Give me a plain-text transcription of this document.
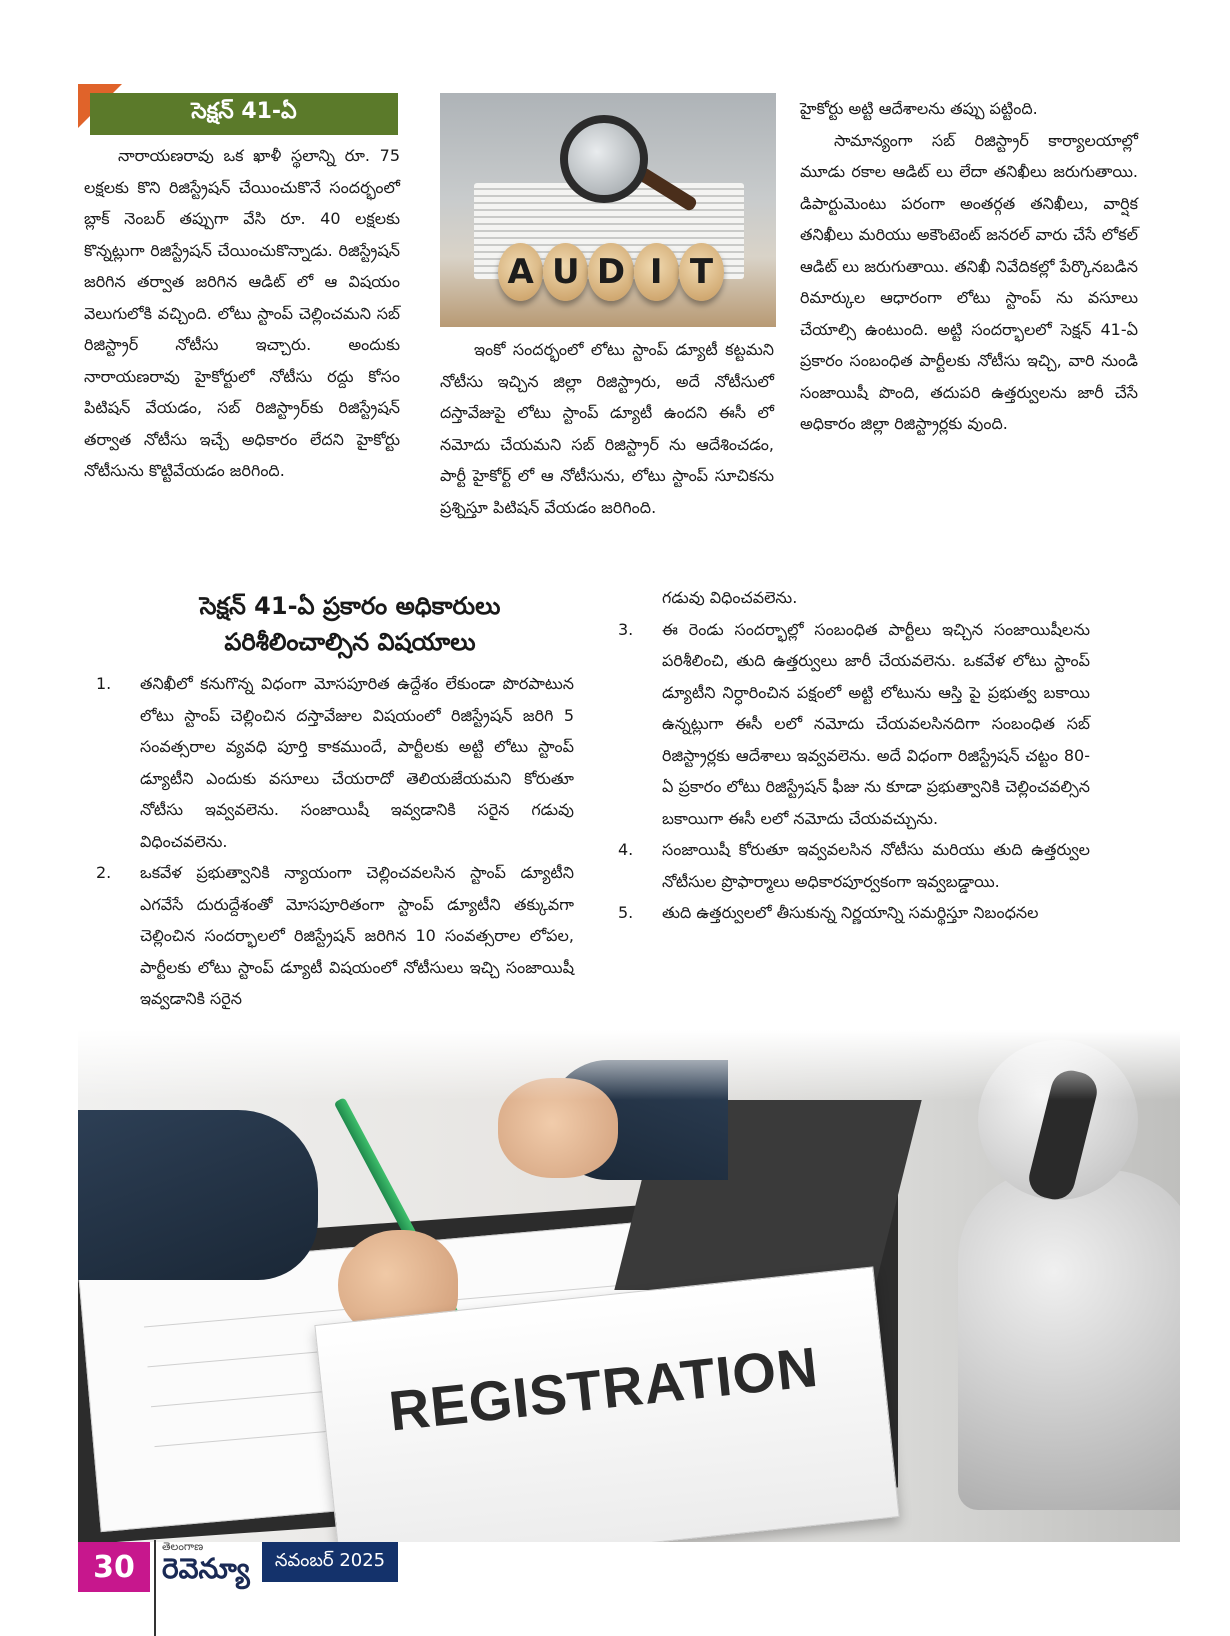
సెక్షన్ 41-ఏ

నారాయణరావు ఒక ఖాళీ స్థలాన్ని రూ. 75 లక్షలకు కొని రిజిస్ట్రేషన్ చేయించుకొనే సందర్భంలో బ్లాక్ నెంబర్ తప్పుగా వేసి రూ. 40 లక్షలకు కొన్నట్లుగా రిజిస్ట్రేషన్ చేయించుకొన్నాడు. రిజిస్ట్రేషన్ జరిగిన తర్వాత జరిగిన ఆడిట్ లో ఆ విషయం వెలుగులోకి వచ్చింది. లోటు స్టాంప్ చెల్లించమని సబ్ రిజిస్ట్రార్ నోటీసు ఇచ్చారు. అందుకు నారాయణరావు హైకోర్టులో నోటీసు రద్దు కోసం పిటిషన్ వేయడం, సబ్ రిజిస్ట్రార్‌కు రిజిస్ట్రేషన్ తర్వాత నోటీసు ఇచ్చే అధికారం లేదని హైకోర్టు నోటీసును కొట్టివేయడం జరిగింది.

A U D I T

ఇంకో సందర్భంలో లోటు స్టాంప్ డ్యూటీ కట్టమని నోటీసు ఇచ్చిన జిల్లా రిజిస్ట్రారు, అదే నోటీసులో దస్తావేజుపై లోటు స్టాంప్ డ్యూటీ ఉందని ఈసీ లో నమోదు చేయమని సబ్ రిజిస్ట్రార్ ను ఆదేశించడం, పార్టీ హైకోర్ట్ లో ఆ నోటీసును, లోటు స్టాంప్ సూచికను ప్రశ్నిస్తూ పిటిషన్ వేయడం జరిగింది.

హైకోర్టు అట్టి ఆదేశాలను తప్పు పట్టింది.

సామాన్యంగా సబ్ రిజిస్ట్రార్ కార్యాలయాల్లో మూడు రకాల ఆడిట్ లు లేదా తనిఖీలు జరుగుతాయి. డిపార్టుమెంటు పరంగా అంతర్గత తనిఖీలు, వార్షిక తనిఖీలు మరియు అకౌంటెంట్ జనరల్ వారు చేసే లోకల్ ఆడిట్ లు జరుగుతాయి. తనిఖీ నివేదికల్లో పేర్కొనబడిన రిమార్కుల ఆధారంగా లోటు స్టాంప్ ను వసూలు చేయాల్సి ఉంటుంది. అట్టి సందర్భాలలో సెక్షన్ 41-ఏ ప్రకారం సంబంధిత పార్టీలకు నోటీసు ఇచ్చి, వారి నుండి సంజాయిషీ పొంది, తదుపరి ఉత్తర్వులను జారీ చేసే అధికారం జిల్లా రిజిస్ట్రార్లకు వుంది.

సెక్షన్ 41-ఏ ప్రకారం అధికారులు
పరిశీలించాల్సిన విషయాలు
1. తనిఖీలో కనుగొన్న విధంగా మోసపూరిత ఉద్దేశం లేకుండా పొరపాటున లోటు స్టాంప్ చెల్లించిన దస్తావేజుల విషయంలో రిజిస్ట్రేషన్ జరిగి 5 సంవత్సరాల వ్యవధి పూర్తి కాకముందే, పార్టీలకు అట్టి లోటు స్టాంప్ డ్యూటీని ఎందుకు వసూలు చేయరాదో తెలియజేయమని కోరుతూ నోటీసు ఇవ్వవలెను. సంజాయిషీ ఇవ్వడానికి సరైన గడువు విధించవలెను.
2. ఒకవేళ ప్రభుత్వానికి న్యాయంగా చెల్లించవలసిన స్టాంప్ డ్యూటీని ఎగవేసే దురుద్దేశంతో మోసపూరితంగా స్టాంప్ డ్యూటీని తక్కువగా చెల్లించిన సందర్భాలలో రిజిస్ట్రేషన్ జరిగిన 10 సంవత్సరాల లోపల, పార్టీలకు లోటు స్టాంప్ డ్యూటీ విషయంలో నోటీసులు ఇచ్చి సంజాయిషీ ఇవ్వడానికి సరైన
గడువు విధించవలెను.
3. ఈ రెండు సందర్భాల్లో సంబంధిత పార్టీలు ఇచ్చిన సంజాయిషీలను పరిశీలించి, తుది ఉత్తర్వులు జారీ చేయవలెను. ఒకవేళ లోటు స్టాంప్ డ్యూటీని నిర్ధారించిన పక్షంలో అట్టి లోటును ఆస్తి పై ప్రభుత్వ బకాయి ఉన్నట్లుగా ఈసీ లలో నమోదు చేయవలసినదిగా సంబంధిత సబ్ రిజిస్ట్రార్లకు ఆదేశాలు ఇవ్వవలెను. అదే విధంగా రిజిస్ట్రేషన్ చట్టం 80-ఏ ప్రకారం లోటు రిజిస్ట్రేషన్ ఫీజు ను కూడా ప్రభుత్వానికి చెల్లించవల్సిన బకాయిగా ఈసీ లలో నమోదు చేయవచ్చును.
4. సంజాయిషీ కోరుతూ ఇవ్వవలసిన నోటీసు మరియు తుది ఉత్తర్వుల నోటీసుల ప్రొఫార్మాలు అధికారపూర్వకంగా ఇవ్వబడ్డాయి.
5. తుది ఉత్తర్వులలో తీసుకున్న నిర్ణయాన్ని సమర్థిస్తూ నిబంధనల
REGISTRATION
30
తెలంగాణ
రెవెన్యూ	నవంబర్ 2025
